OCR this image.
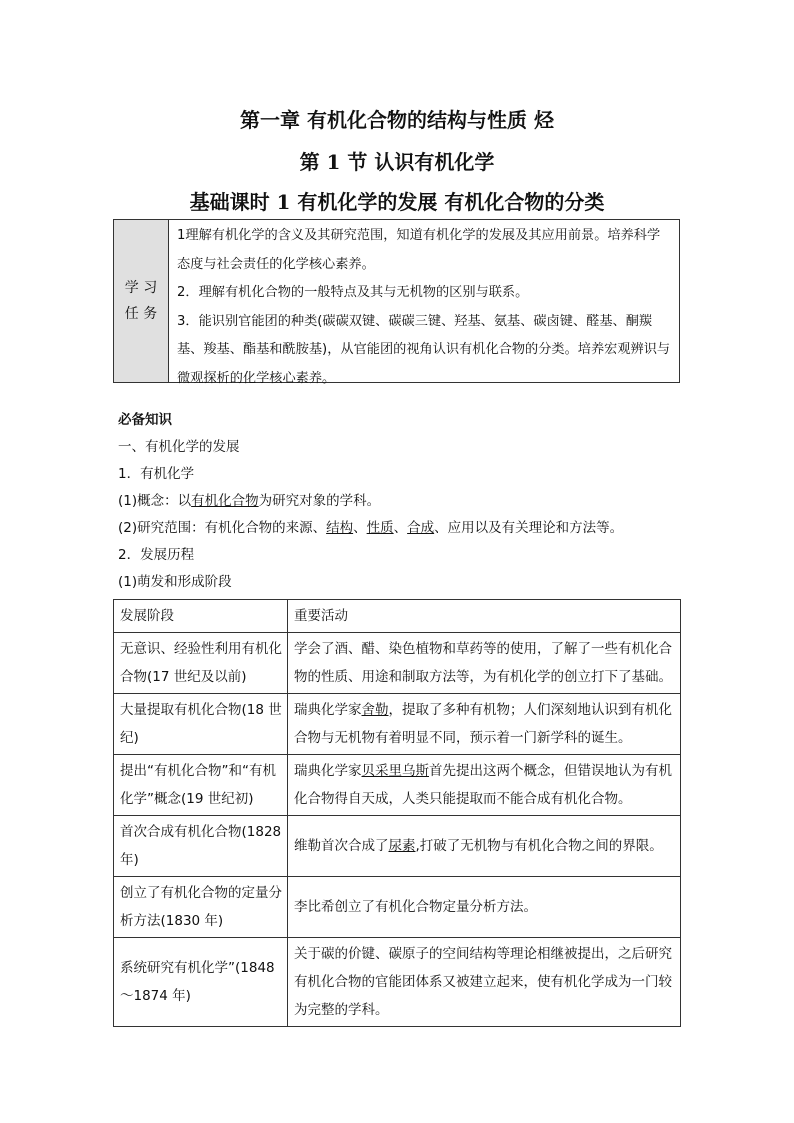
第一章 有机化合物的结构与性质 烃
第 1 节 认识有机化学
基础课时 1 有机化学的发展 有机化合物的分类
学 习
任 务

1理解有机化学的含义及其研究范围，知道有机化学的发展及其应用前景。培养科学态度与社会责任的化学核心素养。

2．理解有机化合物的一般特点及其与无机物的区别与联系。

3．能识别官能团的种类(碳碳双键、碳碳三键、羟基、氨基、碳卤键、醛基、酮羰基、羧基、酯基和酰胺基)，从官能团的视角认识有机化合物的分类。培养宏观辨识与微观探析的化学核心素养。

必备知识
一、有机化学的发展
1．有机化学
(1)概念：以有机化合物为研究对象的学科。
(2)研究范围：有机化合物的来源、结构、性质、合成、应用以及有关理论和方法等。
2．发展历程
(1)萌发和形成阶段
发展阶段	重要活动
无意识、经验性利用有机化合物(17 世纪及以前)	学会了酒、醋、染色植物和草药等的使用，了解了一些有机化合物的性质、用途和制取方法等，为有机化学的创立打下了基础。
大量提取有机化合物(18 世纪)	瑞典化学家舍勒，提取了多种有机物；人们深刻地认识到有机化合物与无机物有着明显不同，预示着一门新学科的诞生。
提出“有机化合物”和“有机化学”概念(19 世纪初)	瑞典化学家贝采里乌斯首先提出这两个概念，但错误地认为有机化合物得自天成，人类只能提取而不能合成有机化合物。
首次合成有机化合物(1828 年)	维勒首次合成了尿素,打破了无机物与有机化合物之间的界限。
创立了有机化合物的定量分析方法(1830 年)	李比希创立了有机化合物定量分析方法。
系统研究有机化学”(1848～1874 年)	关于碳的价键、碳原子的空间结构等理论相继被提出，之后研究有机化合物的官能团体系又被建立起来，使有机化学成为一门较为完整的学科。
